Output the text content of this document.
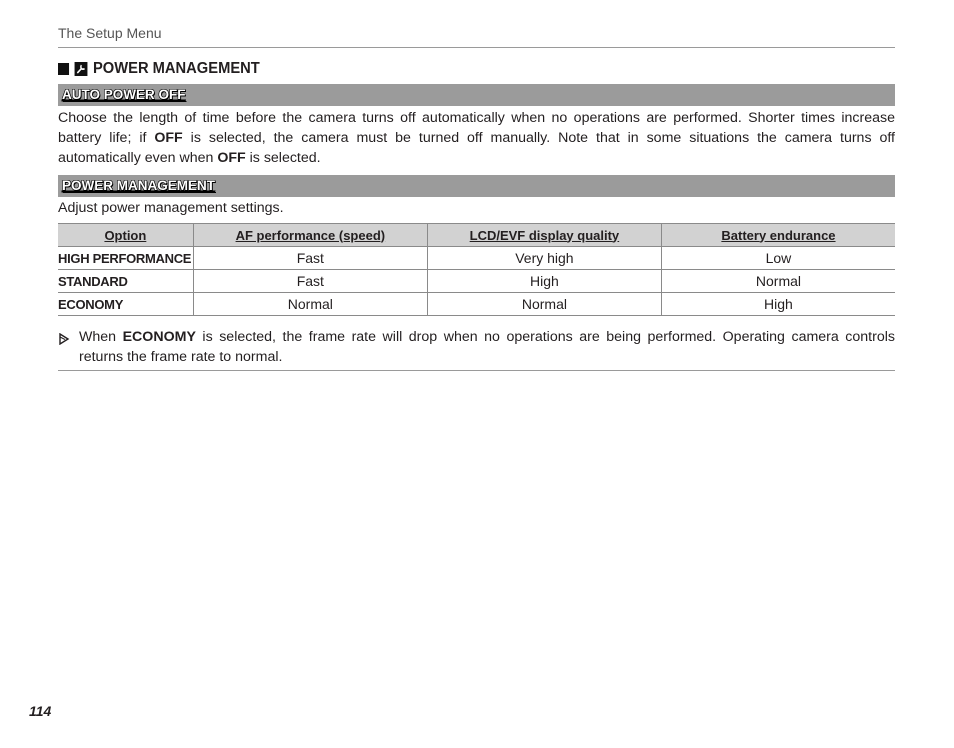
The Setup Menu
POWER MANAGEMENT
AUTO POWER OFF
Choose the length of time before the camera turns off automatically when no operations are performed. Shorter times increase battery life; if OFF is selected, the camera must be turned off manually. Note that in some situations the camera turns off automatically even when OFF is selected.
POWER MANAGEMENT
Adjust power management settings.
Option	AF performance (speed)	LCD/EVF display quality	Battery endurance
HIGH PERFORMANCE	Fast	Very high	Low
STANDARD	Fast	High	Normal
ECONOMY	Normal	Normal	High
When ECONOMY is selected, the frame rate will drop when no operations are being performed. Operating camera controls returns the frame rate to normal.
114
